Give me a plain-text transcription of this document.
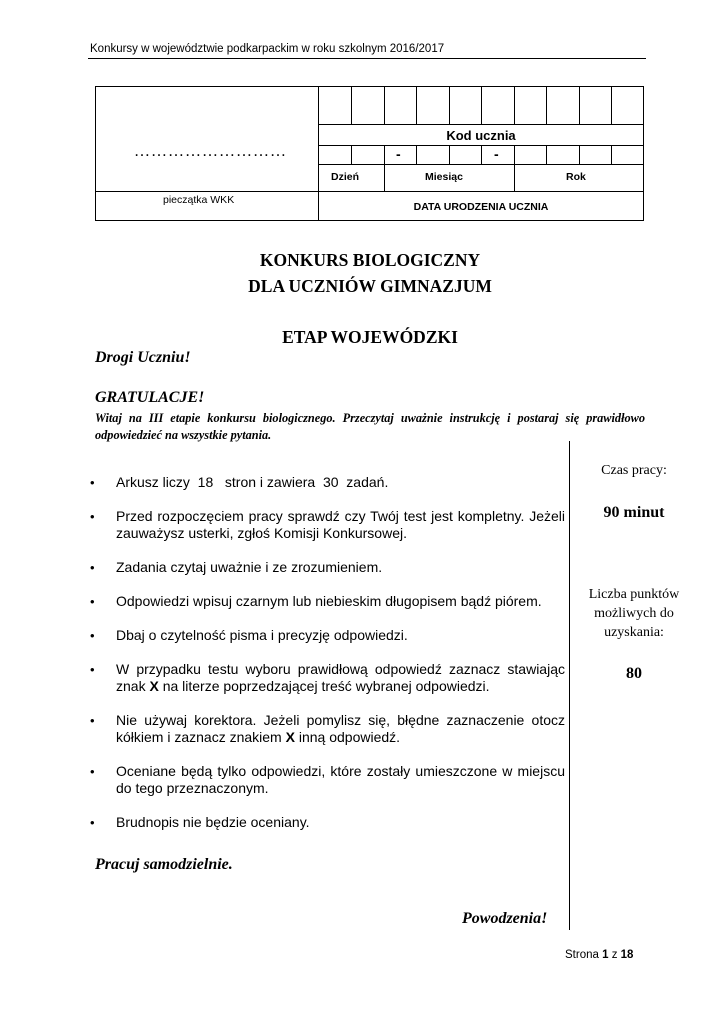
Konkursy w województwie podkarpackim w roku szkolnym 2016/2017
………………………
pieczątka WKK
Kod ucznia
-	-
Dzień	Miesiąc	Rok
DATA URODZENIA UCZNIA
KONKURS BIOLOGICZNY
DLA UCZNIÓW GIMNAZJUM
ETAP WOJEWÓDZKI
Drogi Uczniu!
GRATULACJE!
Witaj na III etapie konkursu biologicznego. Przeczytaj uważnie instrukcję i postaraj się prawidłowo odpowiedzieć na wszystkie pytania.
• Arkusz liczy  18   stron i zawiera  30  zadań.
• Przed rozpoczęciem pracy sprawdź czy Twój test jest kompletny. Jeżeli zauważysz usterki, zgłoś Komisji Konkursowej.
• Zadania czytaj uważnie i ze zrozumieniem.
• Odpowiedzi wpisuj czarnym lub niebieskim długopisem bądź piórem.
• Dbaj o czytelność pisma i precyzję odpowiedzi.
• W przypadku testu wyboru prawidłową odpowiedź zaznacz stawiając znak X na literze poprzedzającej treść wybranej odpowiedzi.
• Nie używaj korektora. Jeżeli pomylisz się, błędne zaznaczenie otocz kółkiem i zaznacz znakiem X inną odpowiedź.
• Oceniane będą tylko odpowiedzi, które zostały umieszczone w miejscu do tego przeznaczonym.
• Brudnopis nie będzie oceniany.
Pracuj samodzielnie.
Powodzenia!
Czas pracy:
90 minut
Liczba punktów możliwych do uzyskania:
80
Strona 1 z 18
